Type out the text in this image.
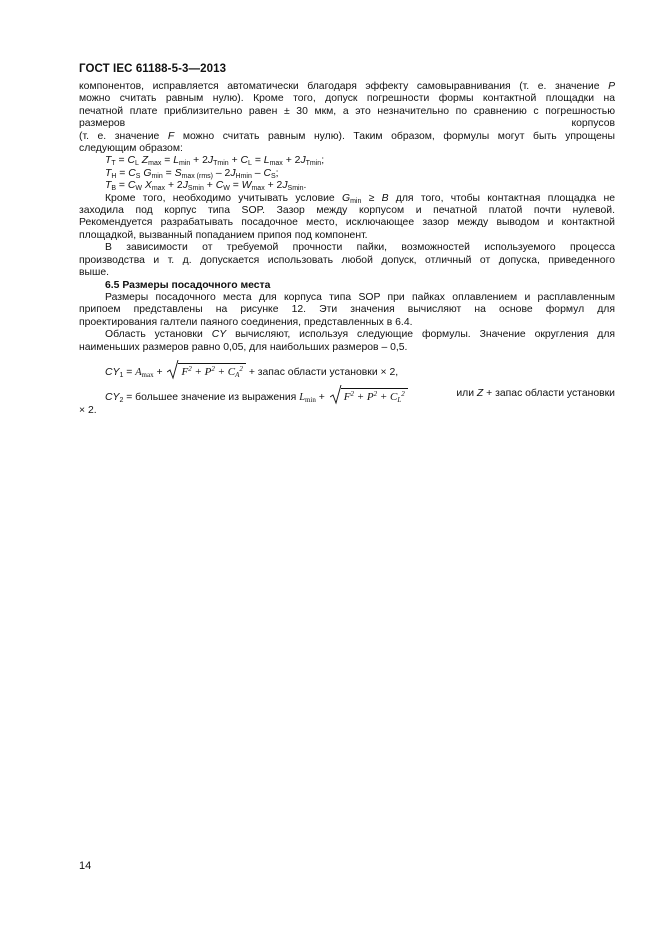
ГОСТ IEC 61188-5-3—2013

компонентов, исправляется автоматически благодаря эффекту самовыравнивания (т. е. значение P

можно считать равным нулю). Кроме того, допуск погрешности формы контактной площадки на

печатной плате приблизительно равен ± 30 мкм, а это незначительно по сравнению с погрешностью

размеров	корпусов

(т. е. значение F можно считать равным нулю). Таким образом, формулы могут быть упрощены

следующим образом:

$T_T = C_L$ $Z_{max} = L_{min} + 2J_{Tmin} + C_L = L_{max} + 2J_{Tmin}$;

$T_H = C_S$ $G_{min} = S_{max (rms)} - 2J_{Hmin} - C_S$;

$T_B = C_W$ $X_{max} + 2J_{Smin} + C_W = W_{max} + 2J_{Smin}$.

Кроме того, необходимо учитывать условие $G_{min} \ge B$ для того, чтобы контактная площадка не

заходила под корпус типа SOP. Зазор между корпусом и печатной платой почти нулевой.

Рекомендуется разрабатывать посадочное место, исключающее зазор между выводом и контактной

площадкой, вызванный попаданием припоя под компонент.

В зависимости от требуемой прочности пайки, возможностей используемого процесса

производства и т. д. допускается использовать любой допуск, отличный от допуска, приведенного

выше.

6.5 Размеры посадочного места

Размеры посадочного места для корпуса типа SOP при пайках оплавлением и расплавленным

припоем представлены на рисунке 12. Эти значения вычисляют на основе формул для

проектирования галтели паяного соединения, представленных в 6.4.

Область установки CY вычисляют, используя следующие формулы. Значение округления для

наименьших размеров равно 0,05, для наибольших размеров – 0,5.

$CY_1 = A_{max}$ +
$F^2 + P^2 + C_A^2$ + запас области установки × 2,

$CY_2$ = большее значение из выражения $L_{min}$ +
$F^2 + P^2 + C_L^2$	или Z + запас области установки

× 2.

14
